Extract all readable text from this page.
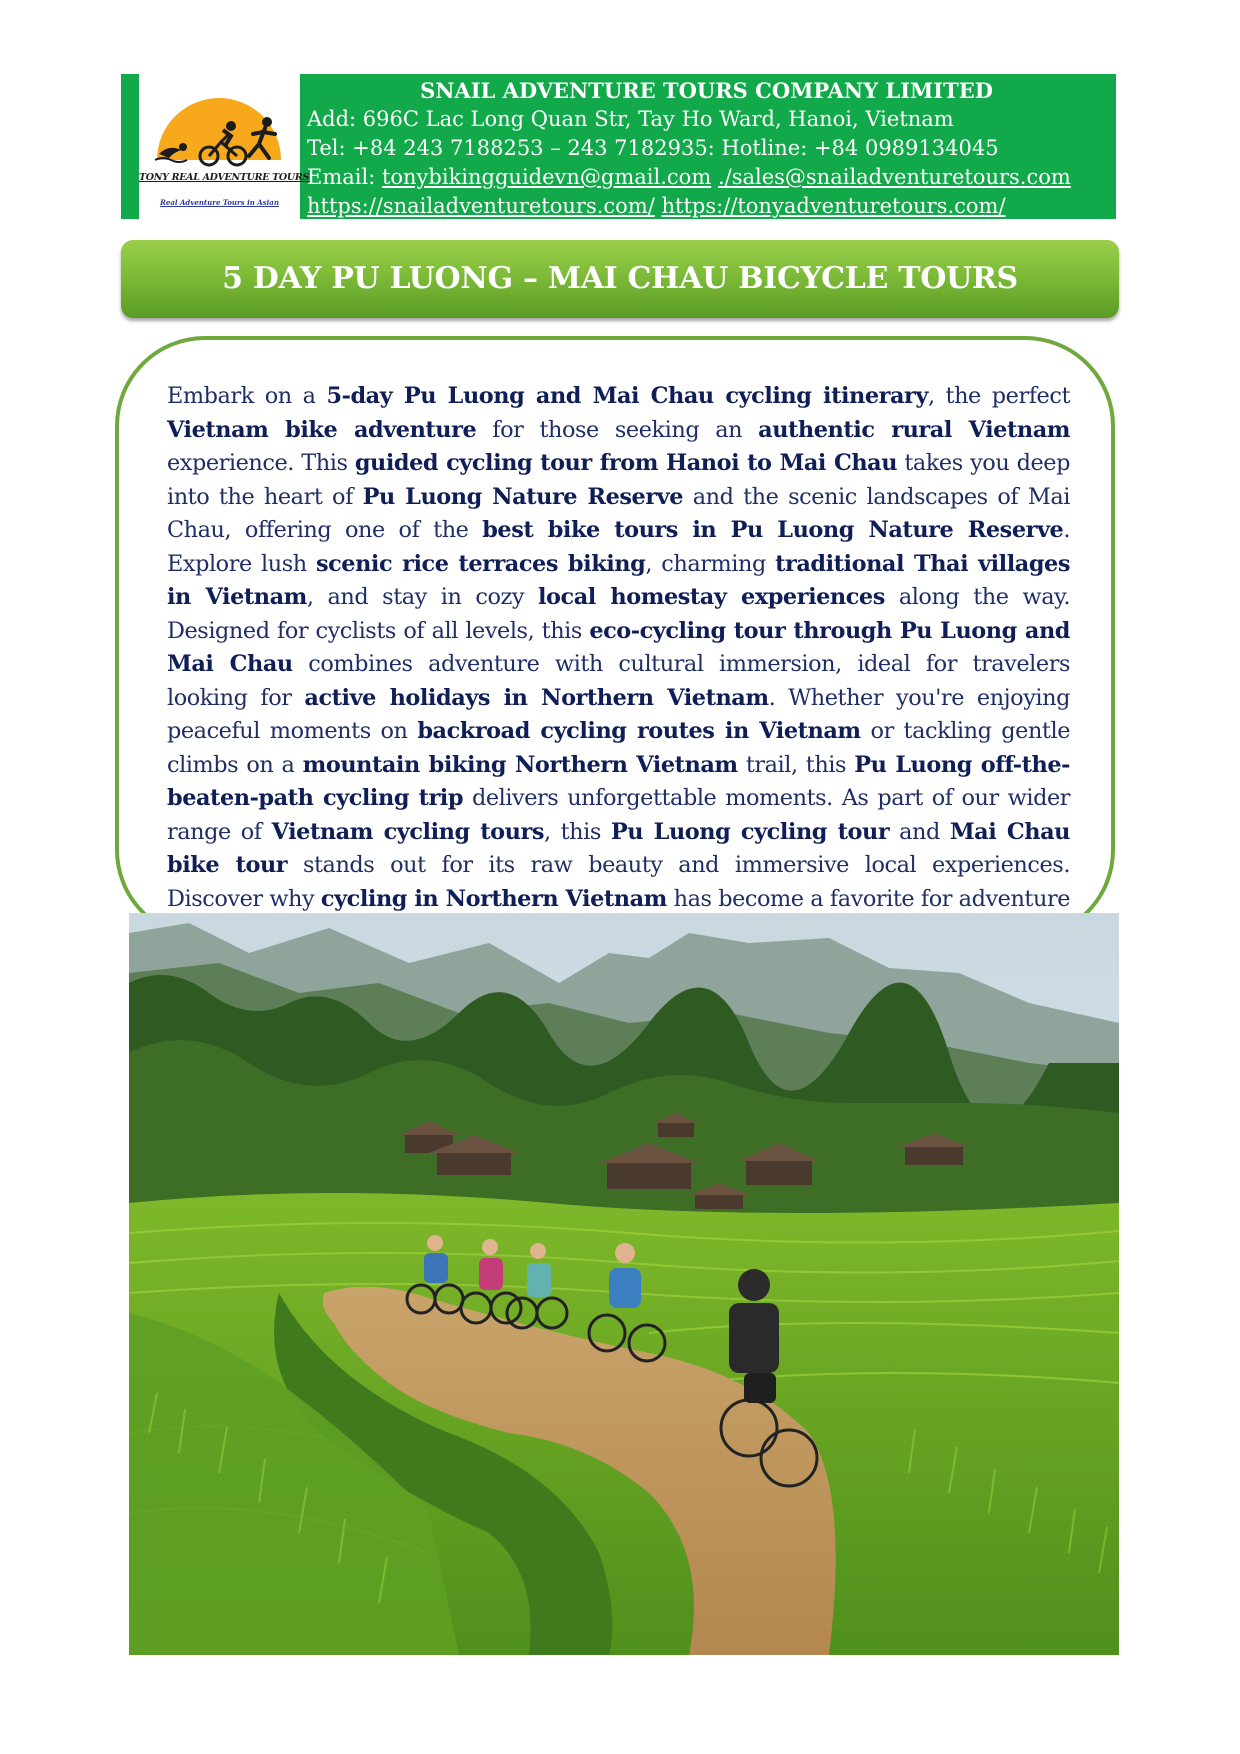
TONY REAL ADVENTURE TOURS
Real Adventure Tours in Asian
SNAIL ADVENTURE TOURS COMPANY LIMITED
Add: 696C Lac Long Quan Str, Tay Ho Ward, Hanoi, Vietnam
Tel: +84 243 7188253 – 243 7182935: Hotline: +84 0989134045
Email: tonybikingguidevn@gmail.com ./sales@snailadventuretours.com
https://snailadventuretours.com/ https://tonyadventuretours.com/
5 DAY PU LUONG – MAI CHAU BICYCLE TOURS
Embark on a 5-day Pu Luong and Mai Chau cycling itinerary, the perfect Vietnam bike adventure for those seeking an authentic rural Vietnam experience. This guided cycling tour from Hanoi to Mai Chau takes you deep into the heart of Pu Luong Nature Reserve and the scenic landscapes of Mai Chau, offering one of the best bike tours in Pu Luong Nature Reserve. Explore lush scenic rice terraces biking, charming traditional Thai villages in Vietnam, and stay in cozy local homestay experiences along the way. Designed for cyclists of all levels, this eco-cycling tour through Pu Luong and Mai Chau combines adventure with cultural immersion, ideal for travelers looking for active holidays in Northern Vietnam. Whether you're enjoying peaceful moments on backroad cycling routes in Vietnam or tackling gentle climbs on a mountain biking Northern Vietnam trail, this Pu Luong off-the-beaten-path cycling trip delivers unforgettable moments. As part of our wider range of Vietnam cycling tours, this Pu Luong cycling tour and Mai Chau bike tour stands out for its raw beauty and immersive local experiences. Discover why cycling in Northern Vietnam has become a favorite for adventure
